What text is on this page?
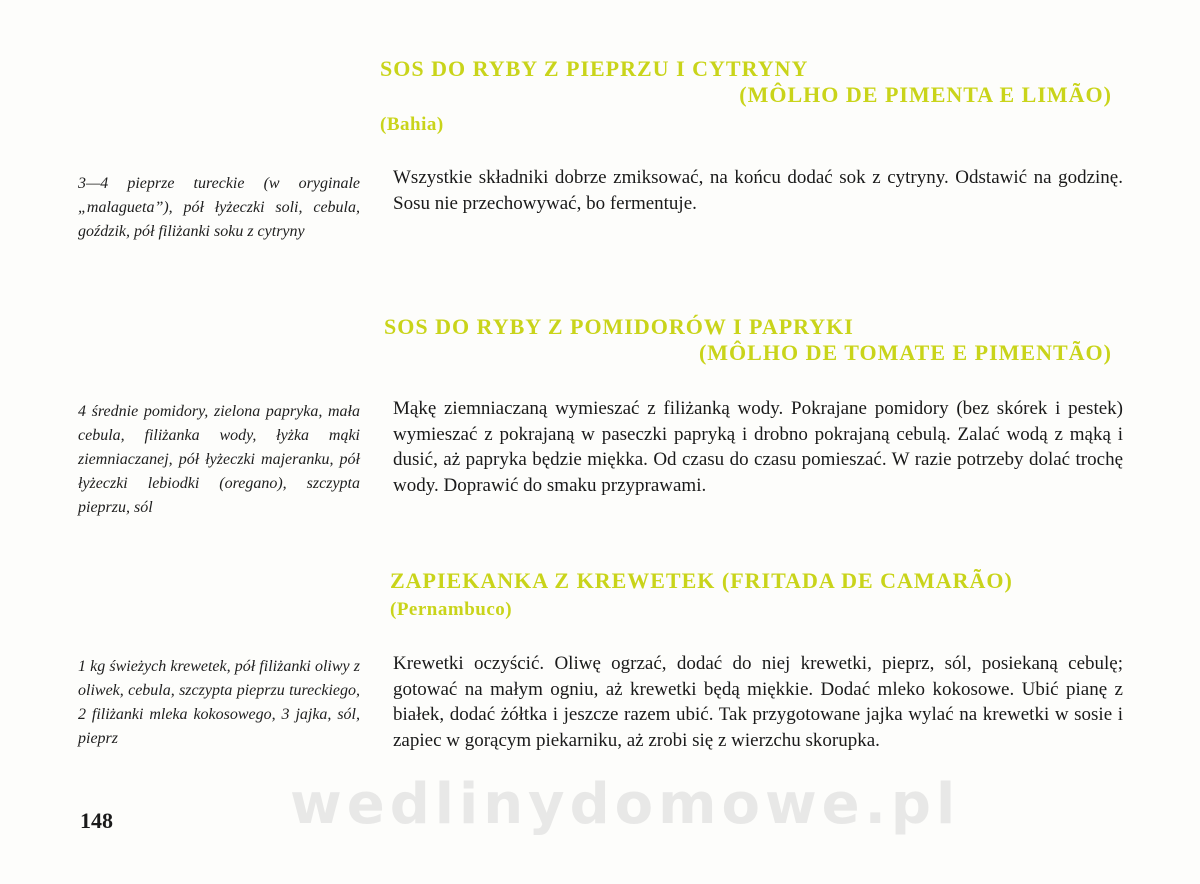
SOS DO RYBY Z PIEPRZU I CYTRYNY
(MÔLHO DE PIMENTA E LIMÃO)
(Bahia)

3—4 pieprze tureckie (w oryginale „malagueta”), pół łyżeczki soli, cebula, goździk, pół filiżanki soku z cytryny

Wszystkie składniki dobrze zmiksować, na końcu dodać sok z cytryny. Odstawić na godzinę. Sosu nie przechowywać, bo fermentuje.

SOS DO RYBY Z POMIDORÓW I PAPRYKI
(MÔLHO DE TOMATE E PIMENTÃO)

4 średnie pomidory, zielona papryka, mała cebula, filiżanka wody, łyżka mąki ziemniaczanej, pół łyżeczki majeranku, pół łyżeczki lebiodki (oregano), szczypta pieprzu, sól

Mąkę ziemniaczaną wymieszać z filiżanką wody. Pokrajane pomidory (bez skórek i pestek) wymieszać z pokrajaną w paseczki papryką i drobno pokrajaną cebulą. Zalać wodą z mąką i dusić, aż papryka będzie miękka. Od czasu do czasu pomieszać. W razie potrzeby dolać trochę wody. Doprawić do smaku przyprawami.

ZAPIEKANKA Z KREWETEK (FRITADA DE CAMARÃO)
(Pernambuco)

1 kg świeżych krewetek, pół filiżanki oliwy z oliwek, cebula, szczypta pieprzu tureckiego, 2 filiżanki mleka kokosowego, 3 jajka, sól, pieprz

Krewetki oczyścić. Oliwę ogrzać, dodać do niej krewetki, pieprz, sól, posiekaną cebulę; gotować na małym ogniu, aż krewetki będą miękkie. Dodać mleko kokosowe. Ubić pianę z białek, dodać żółtka i jeszcze razem ubić. Tak przygotowane jajka wylać na krewetki w sosie i zapiec w gorącym piekarniku, aż zrobi się z wierzchu skorupka.

148	wedlinydomowe.pl
